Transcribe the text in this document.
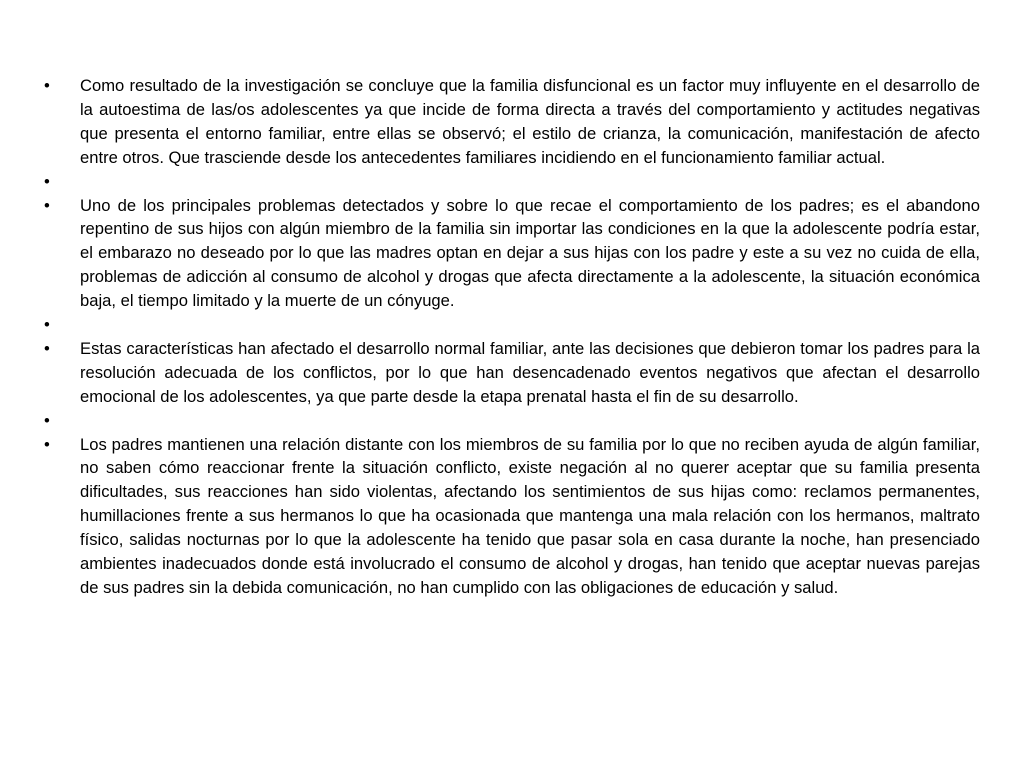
•	Como resultado de la investigación se concluye que la familia disfuncional es un factor muy influyente en el desarrollo de la autoestima de las/os adolescentes ya que incide de forma directa a través del comportamiento y actitudes negativas que presenta el entorno familiar, entre ellas se observó; el estilo de crianza, la comunicación, manifestación de afecto entre otros. Que trasciende desde los antecedentes familiares incidiendo en el funcionamiento familiar actual.
•
•	Uno de los principales problemas detectados y sobre lo que recae el comportamiento de los padres; es el abandono repentino de sus hijos con algún miembro de la familia sin importar las condiciones en la que la adolescente podría estar, el embarazo no deseado por lo que las madres optan en dejar a sus hijas con los padre y este a su vez no cuida de ella, problemas de adicción al consumo de alcohol y drogas que afecta directamente a la adolescente, la situación económica baja, el tiempo limitado y la muerte de un cónyuge.
•
•	Estas características han afectado el desarrollo normal familiar, ante las decisiones que debieron tomar los padres para la resolución adecuada de los conflictos, por lo que han desencadenado eventos negativos que afectan el desarrollo emocional de los adolescentes, ya que parte desde la etapa prenatal hasta el fin de su desarrollo.
•
•	Los padres mantienen una relación distante con los miembros de su familia por lo que no reciben ayuda de algún familiar, no saben cómo reaccionar frente la situación conflicto, existe negación al no querer aceptar que su familia presenta dificultades, sus reacciones han sido violentas, afectando los sentimientos de sus hijas como: reclamos permanentes, humillaciones frente a sus hermanos lo que ha ocasionada que mantenga una mala relación con los hermanos, maltrato físico, salidas nocturnas por lo que la adolescente ha tenido que pasar sola en casa durante la noche, han presenciado ambientes inadecuados donde está involucrado el consumo de alcohol y drogas, han tenido que aceptar nuevas parejas de sus padres sin la debida comunicación, no han cumplido con las obligaciones de educación y salud.
